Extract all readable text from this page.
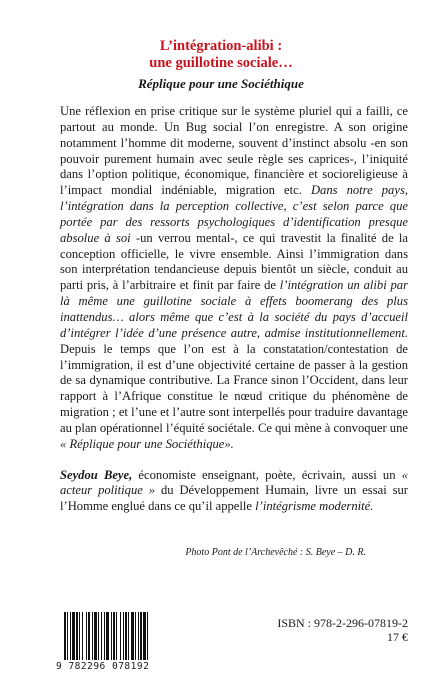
L’intégration-alibi :
une guillotine sociale…
Réplique pour une Sociéthique

Une réflexion en prise critique sur le système pluriel qui a failli, ce partout au monde. Un Bug social l’on enregistre. A son origine notamment l’homme dit moderne, souvent d’instinct absolu -en son pouvoir purement humain avec seule règle ses caprices-, l’iniquité dans l’option politique, économique, financière et socioreligieuse à l’impact mondial indéniable, migration etc. Dans notre pays, l’intégration dans la perception collective, c’est selon parce que portée par des ressorts psychologiques d’identification presque absolue à soi -un verrou mental-, ce qui travestit la finalité de la conception officielle, le vivre ensemble. Ainsi l’immigration dans son interprétation tendancieuse depuis bientôt un siècle, conduit au parti pris, à l’arbitraire et finit par faire de l’intégration un alibi par là même une guillotine sociale à effets boomerang des plus inattendus… alors même que c’est à la société du pays d’accueil d’intégrer l’idée d’une présence autre, admise institutionnellement. Depuis le temps que l’on est à la constatation/contestation de l’immigration, il est d’une objectivité certaine de passer à la gestion de sa dynamique contributive. La France sinon l’Occident, dans leur rapport à l’Afrique constitue le nœud critique du phénomène de migration ; et l’une et l’autre sont interpellés pour traduire davantage au plan opérationnel l’équité sociétale. Ce qui mène à convoquer une « Réplique pour une Sociéthique».

Seydou Beye, économiste enseignant, poète, écrivain, aussi un « acteur politique » du Développement Humain, livre un essai sur l’Homme englué dans ce qu’il appelle l’intégrisme modernité.

Photo Pont de l’Archevêché : S. Beye – D. R.
9 782296 078192
ISBN : 978-2-296-07819-2
17 €
